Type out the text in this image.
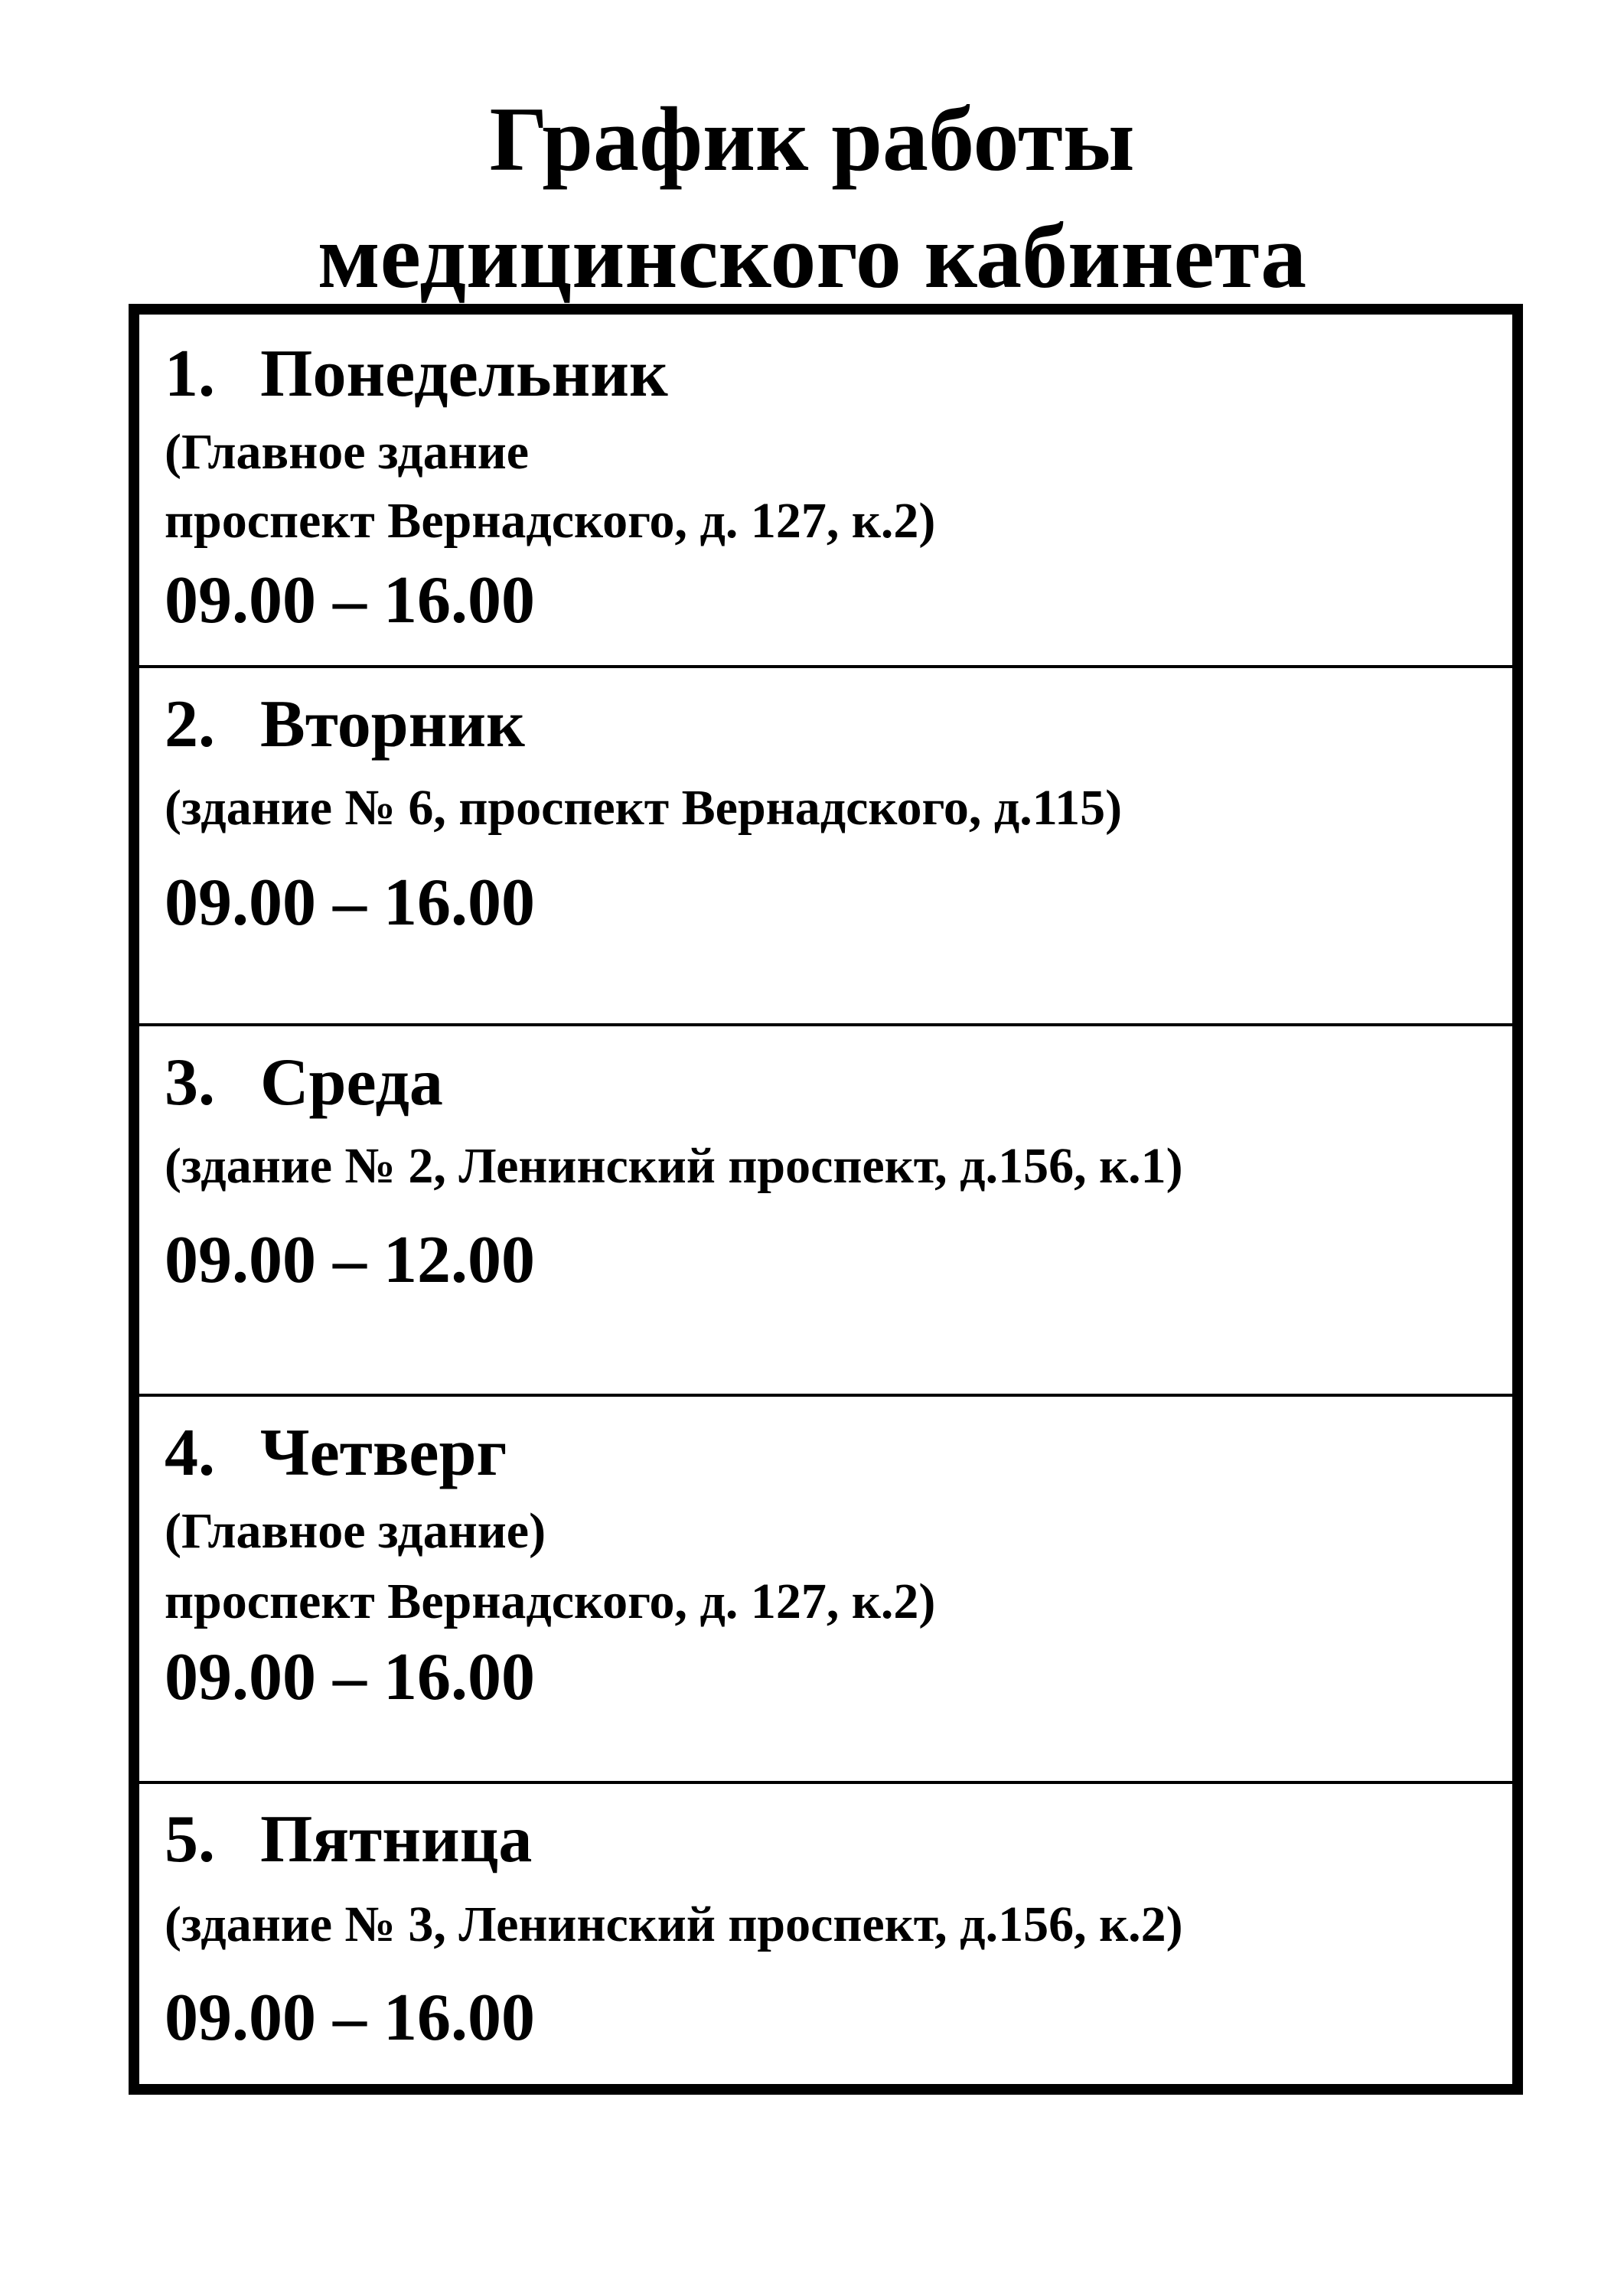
График работы
медицинского кабинета
1. Понедельник
(Главное здание
проспект Вернадского, д. 127, к.2)
09.00 – 16.00
2. Вторник
(здание № 6, проспект Вернадского, д.115)
09.00 – 16.00
3. Среда
(здание № 2, Ленинский проспект, д.156, к.1)
09.00 – 12.00
4. Четверг
(Главное здание)
проспект Вернадского, д. 127, к.2)
09.00 – 16.00
5. Пятница
(здание № 3, Ленинский проспект, д.156, к.2)
09.00 – 16.00
